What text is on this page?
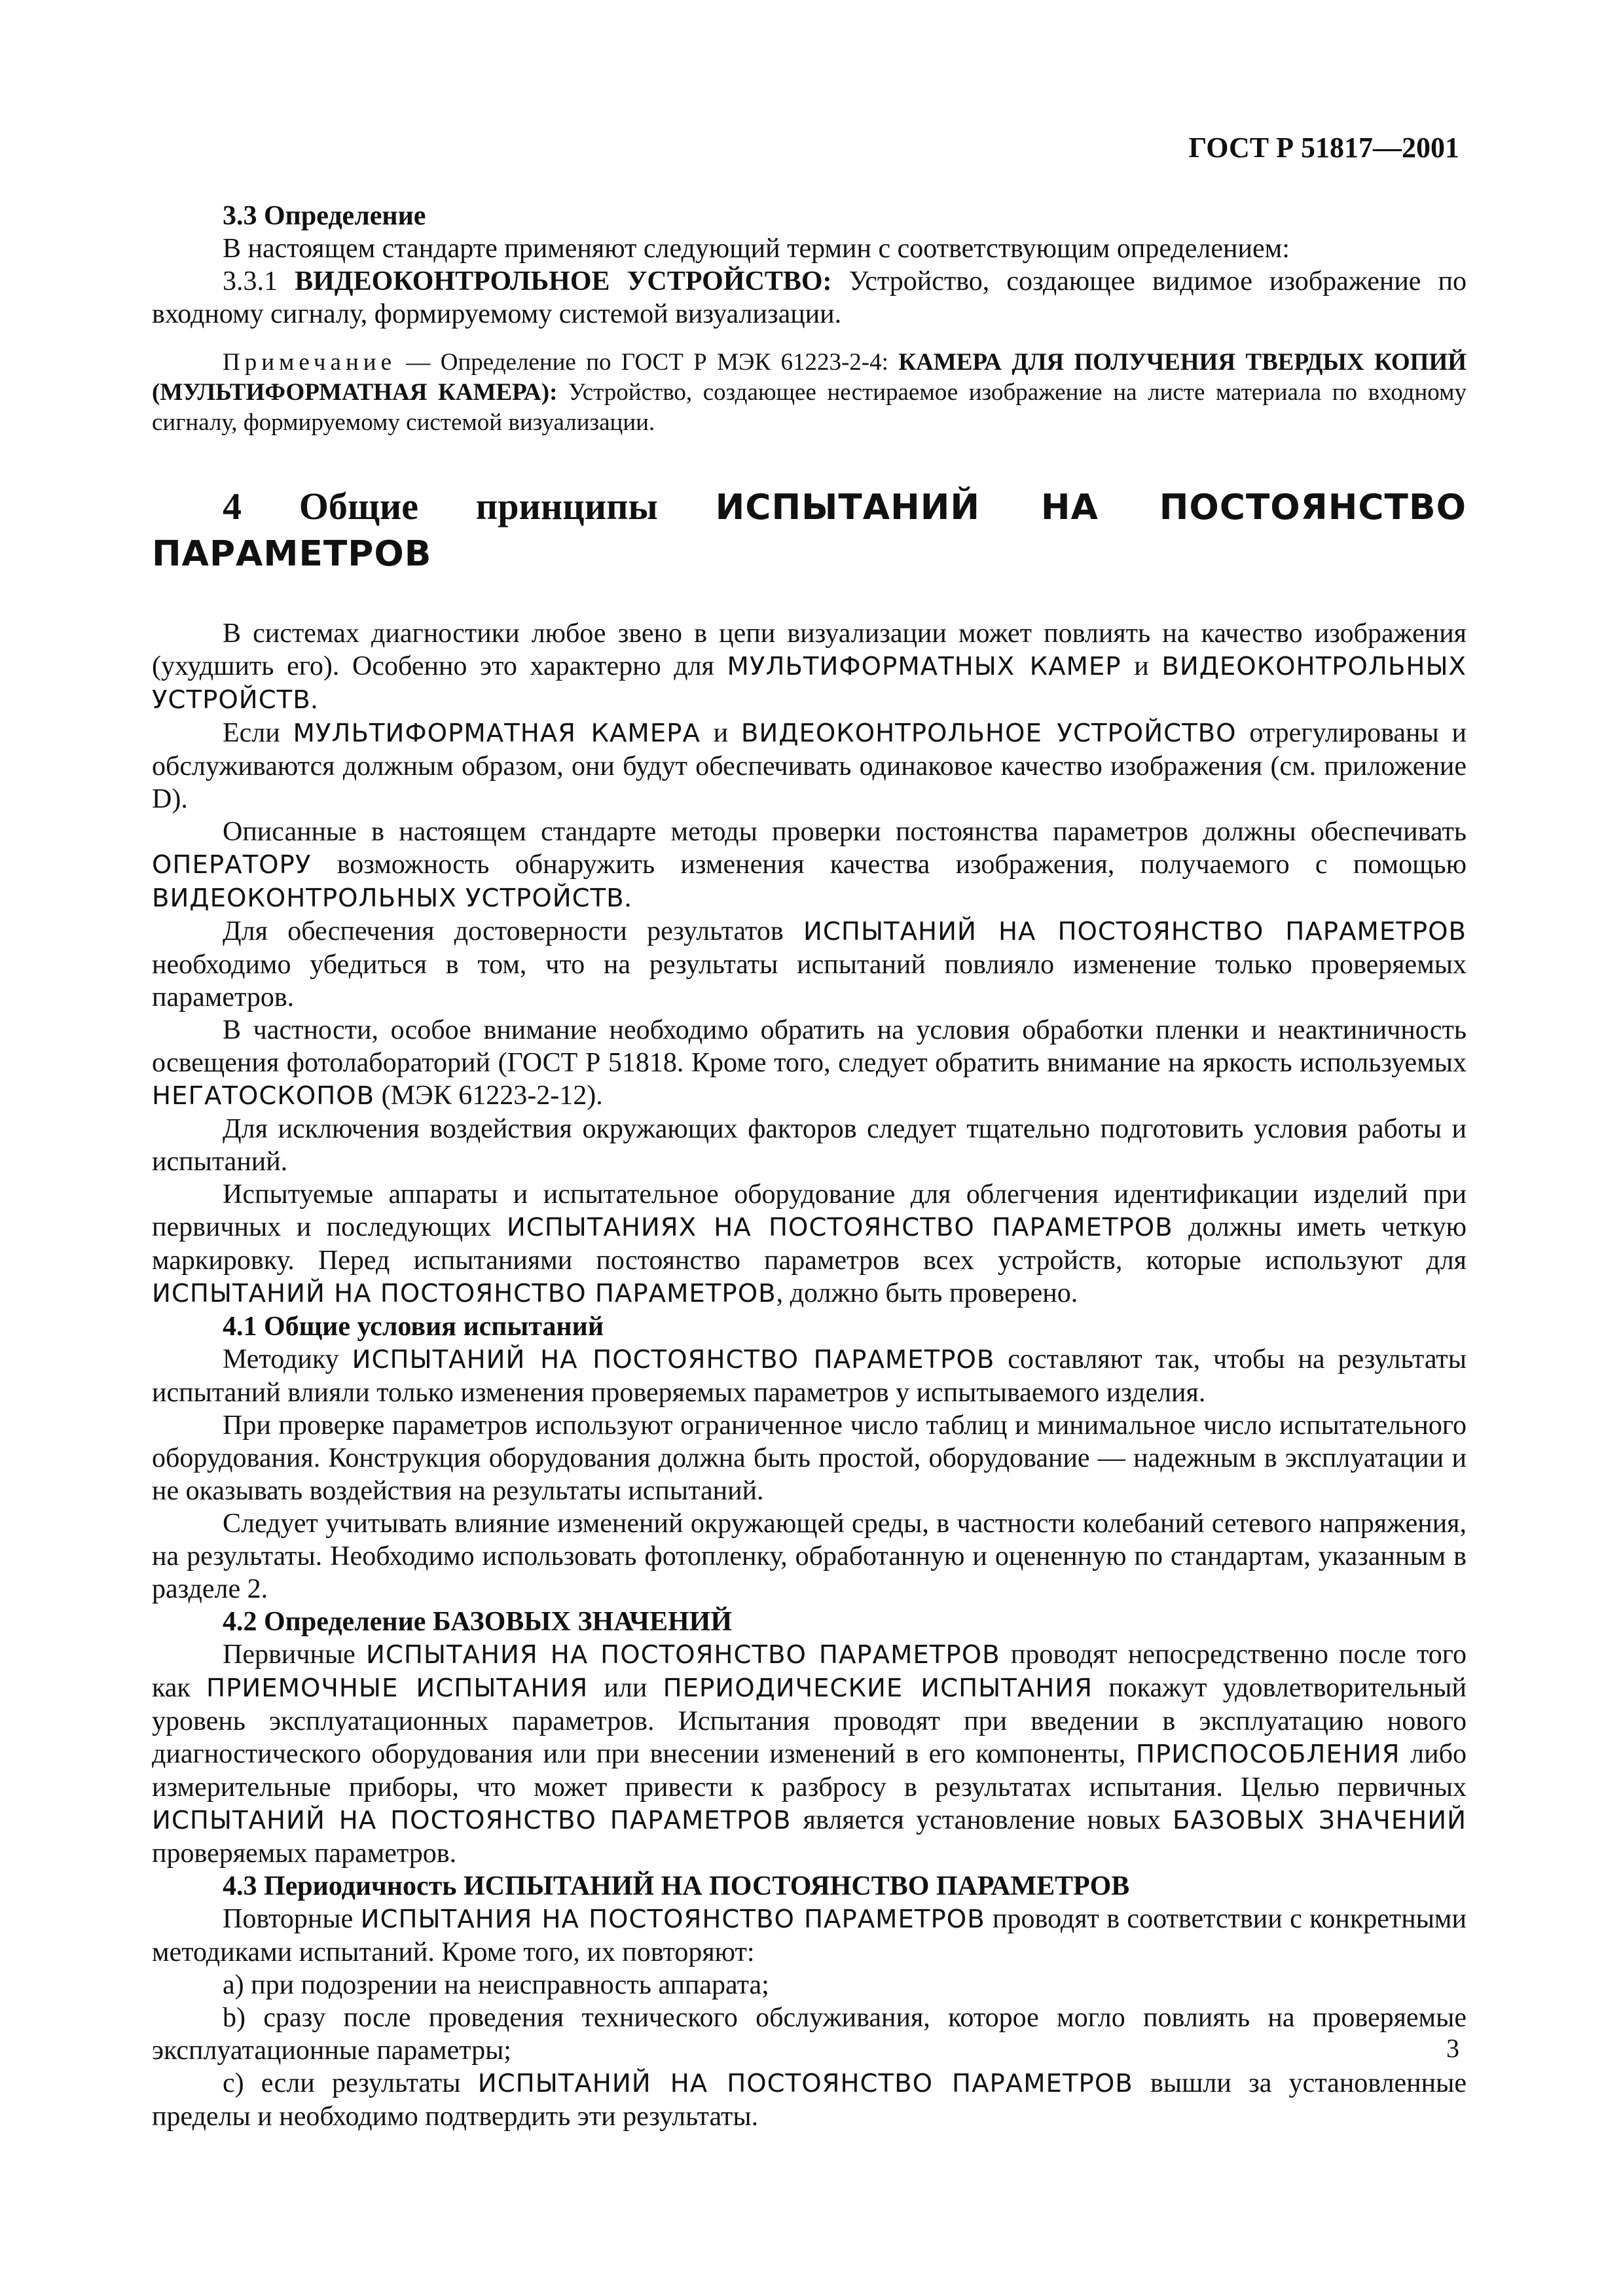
ГОСТ Р 51817—2001

3.3 Определение

В настоящем стандарте применяют следующий термин с соответствующим определением:

3.3.1 ВИДЕОКОНТРОЛЬНОЕ УСТРОЙСТВО: Устройство, создающее видимое изображение по входному сигналу, формируемому системой визуализации.

Примечание — Определение по ГОСТ Р МЭК 61223-2-4: КАМЕРА ДЛЯ ПОЛУЧЕНИЯ ТВЕРДЫХ КОПИЙ (МУЛЬТИФОРМАТНАЯ КАМЕРА): Устройство, создающее нестираемое изображение на листе материала по входному сигналу, формируемому системой визуализации.

4 Общие принципы ИСПЫТАНИЙ НА ПОСТОЯНСТВО ПАРАМЕТРОВ

В системах диагностики любое звено в цепи визуализации может повлиять на качество изображения (ухудшить его). Особенно это характерно для МУЛЬТИФОРМАТНЫХ КАМЕР и ВИДЕОКОНТРОЛЬНЫХ УСТРОЙСТВ.

Если МУЛЬТИФОРМАТНАЯ КАМЕРА и ВИДЕОКОНТРОЛЬНОЕ УСТРОЙСТВО отрегулированы и обслуживаются должным образом, они будут обеспечивать одинаковое качество изображения (см. приложение D).

Описанные в настоящем стандарте методы проверки постоянства параметров должны обеспечивать ОПЕРАТОРУ возможность обнаружить изменения качества изображения, получаемого с помощью ВИДЕОКОНТРОЛЬНЫХ УСТРОЙСТВ.

Для обеспечения достоверности результатов ИСПЫТАНИЙ НА ПОСТОЯНСТВО ПАРАМЕТРОВ необходимо убедиться в том, что на результаты испытаний повлияло изменение только проверяемых параметров.

В частности, особое внимание необходимо обратить на условия обработки пленки и неактиничность освещения фотолабораторий (ГОСТ Р 51818. Кроме того, следует обратить внимание на яркость используемых НЕГАТОСКОПОВ (МЭК 61223-2-12).

Для исключения воздействия окружающих факторов следует тщательно подготовить условия работы и испытаний.

Испытуемые аппараты и испытательное оборудование для облегчения идентификации изделий при первичных и последующих ИСПЫТАНИЯХ НА ПОСТОЯНСТВО ПАРАМЕТРОВ должны иметь четкую маркировку. Перед испытаниями постоянство параметров всех устройств, которые используют для ИСПЫТАНИЙ НА ПОСТОЯНСТВО ПАРАМЕТРОВ, должно быть проверено.

4.1 Общие условия испытаний

Методику ИСПЫТАНИЙ НА ПОСТОЯНСТВО ПАРАМЕТРОВ составляют так, чтобы на результаты испытаний влияли только изменения проверяемых параметров у испытываемого изделия.

При проверке параметров используют ограниченное число таблиц и минимальное число испытательного оборудования. Конструкция оборудования должна быть простой, оборудование — надежным в эксплуатации и не оказывать воздействия на результаты испытаний.

Следует учитывать влияние изменений окружающей среды, в частности колебаний сетевого напряжения, на результаты. Необходимо использовать фотопленку, обработанную и оцененную по стандартам, указанным в разделе 2.

4.2 Определение БАЗОВЫХ ЗНАЧЕНИЙ

Первичные ИСПЫТАНИЯ НА ПОСТОЯНСТВО ПАРАМЕТРОВ проводят непосредственно после того как ПРИЕМОЧНЫЕ ИСПЫТАНИЯ или ПЕРИОДИЧЕСКИЕ ИСПЫТАНИЯ покажут удовлетворительный уровень эксплуатационных параметров. Испытания проводят при введении в эксплуатацию нового диагностического оборудования или при внесении изменений в его компоненты, ПРИСПОСОБЛЕНИЯ либо измерительные приборы, что может привести к разбросу в результатах испытания. Целью первичных ИСПЫТАНИЙ НА ПОСТОЯНСТВО ПАРАМЕТРОВ является установление новых БАЗОВЫХ ЗНАЧЕНИЙ проверяемых параметров.

4.3 Периодичность ИСПЫТАНИЙ НА ПОСТОЯНСТВО ПАРАМЕТРОВ

Повторные ИСПЫТАНИЯ НА ПОСТОЯНСТВО ПАРАМЕТРОВ проводят в соответствии с конкретными методиками испытаний. Кроме того, их повторяют:

a) при подозрении на неисправность аппарата;

b) сразу после проведения технического обслуживания, которое могло повлиять на проверяемые эксплуатационные параметры;

c) если результаты ИСПЫТАНИЙ НА ПОСТОЯНСТВО ПАРАМЕТРОВ вышли за установленные пределы и необходимо подтвердить эти результаты.

3
